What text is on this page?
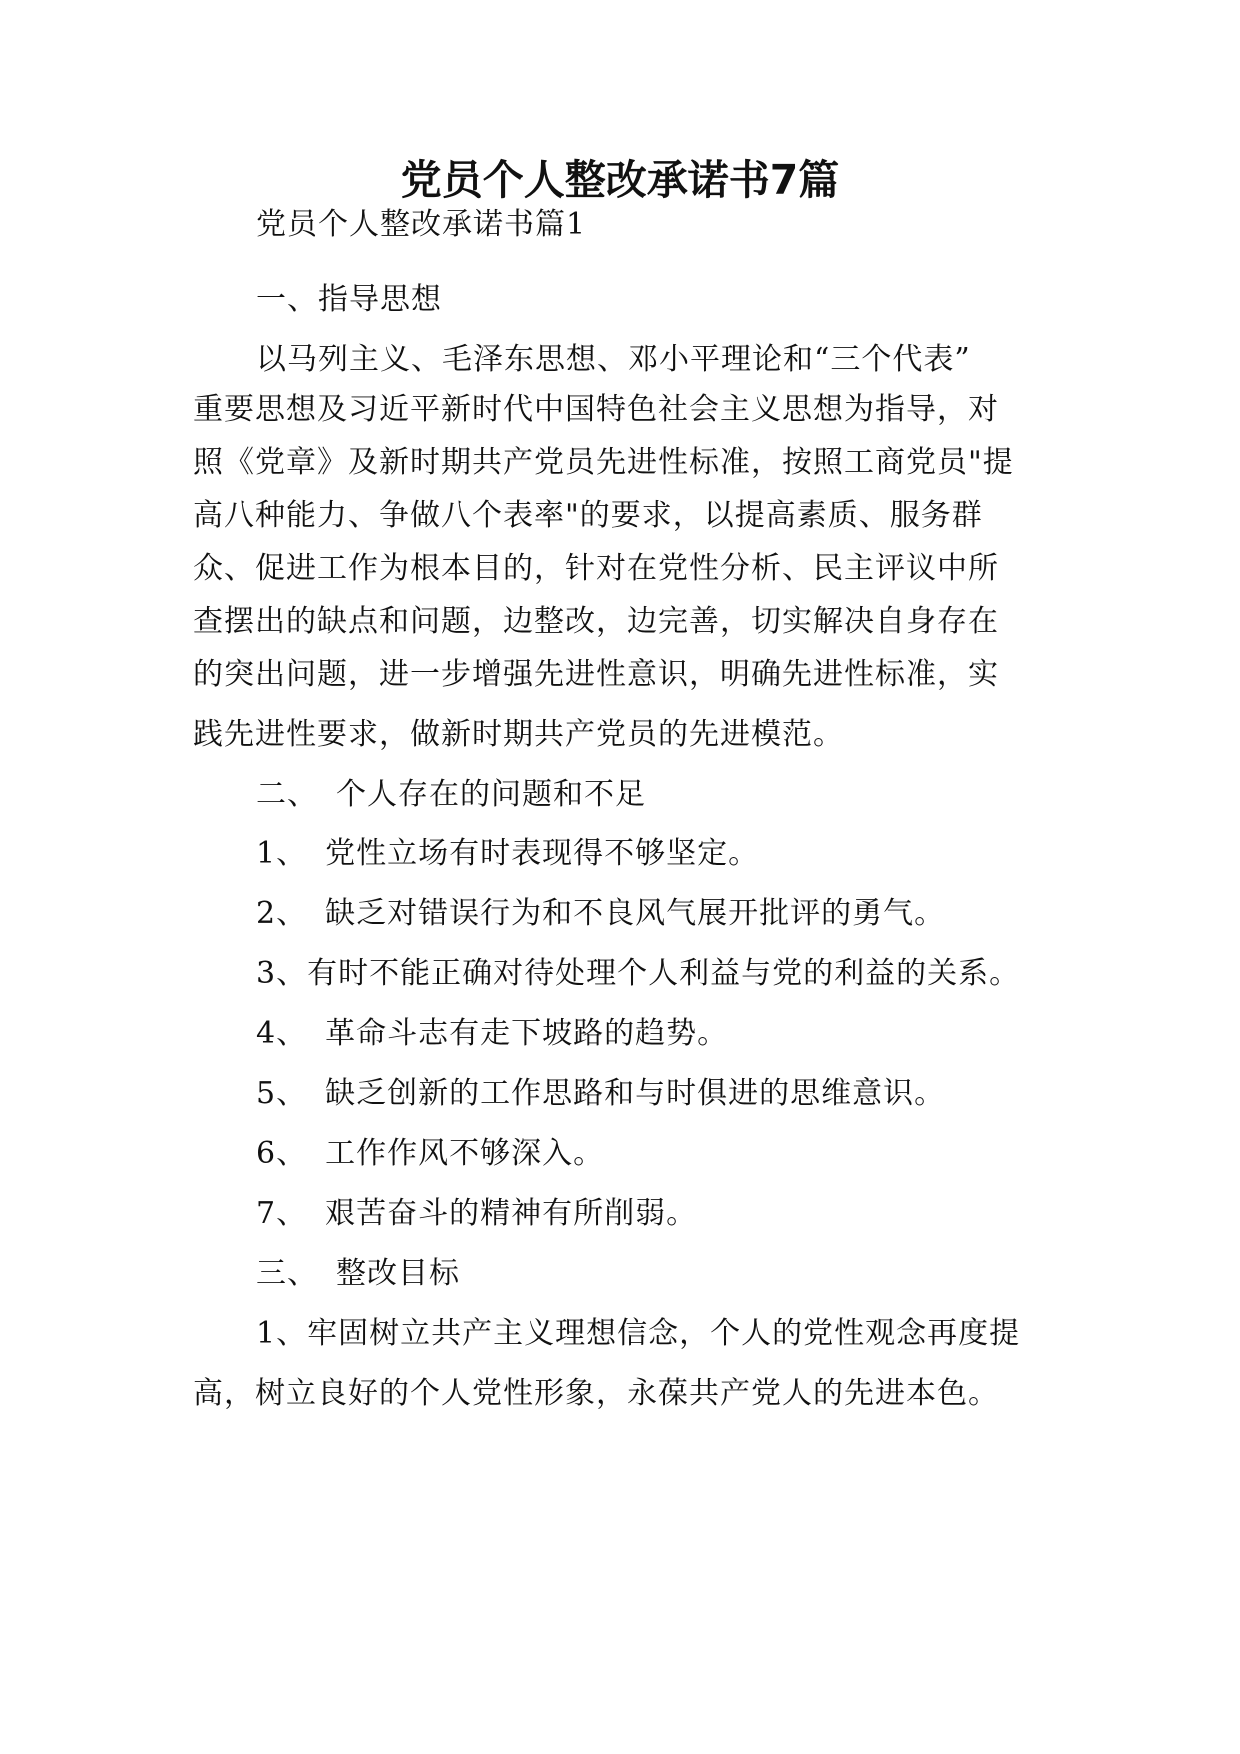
党员个人整改承诺书7篇

党员个人整改承诺书篇1

一、指导思想

以马列主义、毛泽东思想、邓小平理论和“三个代表”

重要思想及习近平新时代中国特色社会主义思想为指导，对

照《党章》及新时期共产党员先进性标准，按照工商党员"提

高八种能力、争做八个表率"的要求，以提高素质、服务群

众、促进工作为根本目的，针对在党性分析、民主评议中所

查摆出的缺点和问题，边整改，边完善，切实解决自身存在

的突出问题，进一步增强先进性意识，明确先进性标准，实

践先进性要求，做新时期共产党员的先进模范。

二、 个人存在的问题和不足

1、 党性立场有时表现得不够坚定。

2、 缺乏对错误行为和不良风气展开批评的勇气。

3、有时不能正确对待处理个人利益与党的利益的关系。

4、 革命斗志有走下坡路的趋势。

5、 缺乏创新的工作思路和与时俱进的思维意识。

6、 工作作风不够深入。

7、 艰苦奋斗的精神有所削弱。

三、 整改目标

1、牢固树立共产主义理想信念，个人的党性观念再度提

高，树立良好的个人党性形象，永葆共产党人的先进本色。
